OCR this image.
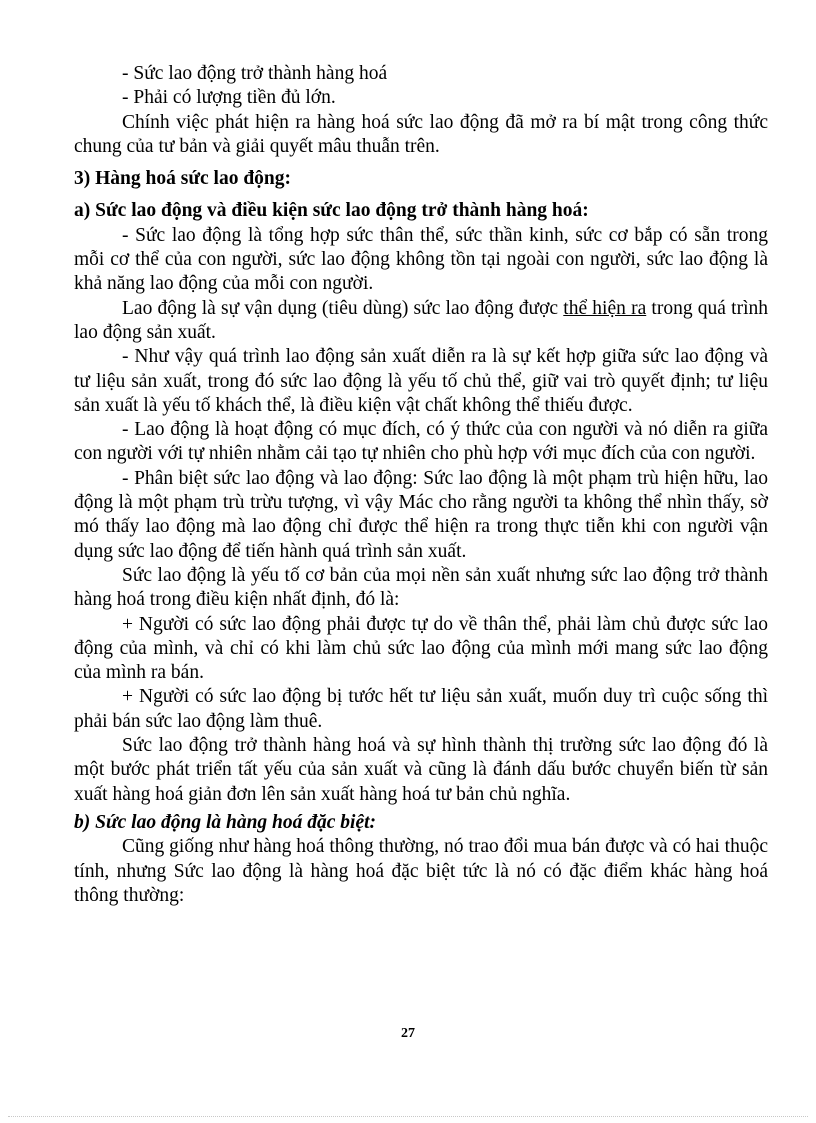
- Sức lao động trở thành hàng hoá

- Phải có lượng tiền đủ lớn.

Chính việc phát hiện ra hàng hoá sức lao động đã mở ra bí mật trong công thức chung của tư bản và giải quyết mâu thuẫn trên.

3) Hàng hoá sức lao động:

a) Sức lao động và điều kiện sức lao động trở thành hàng hoá:

- Sức lao động là tổng hợp sức thân thể, sức thần kinh, sức cơ bắp có sẵn trong mỗi cơ thể của con người, sức lao động không tồn tại ngoài con người, sức lao động là khả năng lao động của mỗi con người.

Lao động là sự vận dụng (tiêu dùng) sức lao động được thể hiện ra trong quá trình lao động sản xuất.

- Như vậy quá trình lao động sản xuất diễn ra là sự kết hợp giữa sức lao động và tư liệu sản xuất, trong đó sức lao động là yếu tố chủ thể, giữ vai trò quyết định; tư liệu sản xuất là yếu tố khách thể, là điều kiện vật chất không thể thiếu được.

- Lao động là hoạt động có mục đích, có ý thức của con người và nó diễn ra giữa con người với tự nhiên nhằm cải tạo tự nhiên cho phù hợp với mục đích của con người.

- Phân biệt sức lao động và lao động: Sức lao động là một phạm trù hiện hữu, lao động là một phạm trù trừu tượng, vì vậy Mác cho rằng người ta không thể nhìn thấy, sờ mó thấy lao động mà lao động chỉ được thể hiện ra trong thực tiễn khi con người vận dụng sức lao động để tiến hành quá trình sản xuất.

Sức lao động là yếu tố cơ bản của mọi nền sản xuất nhưng sức lao động trở thành hàng hoá trong điều kiện nhất định, đó là:

+ Người có sức lao động phải được tự do về thân thể, phải làm chủ được sức lao động của mình, và chỉ có khi làm chủ sức lao động của mình mới mang sức lao động của mình ra bán.

+ Người có sức lao động bị tước hết tư liệu sản xuất, muốn duy trì cuộc sống thì phải bán sức lao động làm thuê.

Sức lao động trở thành hàng hoá và sự hình thành thị trường sức lao động đó là một bước phát triển tất yếu của sản xuất và cũng là đánh dấu bước chuyển biến từ sản xuất hàng hoá giản đơn lên sản xuất hàng hoá tư bản chủ nghĩa.

b) Sức lao động là hàng hoá đặc biệt:

Cũng giống như hàng hoá thông thường, nó trao đổi mua bán được và có hai thuộc tính, nhưng Sức lao động là hàng hoá đặc biệt tức là nó có đặc điểm khác hàng hoá thông thường:

27
